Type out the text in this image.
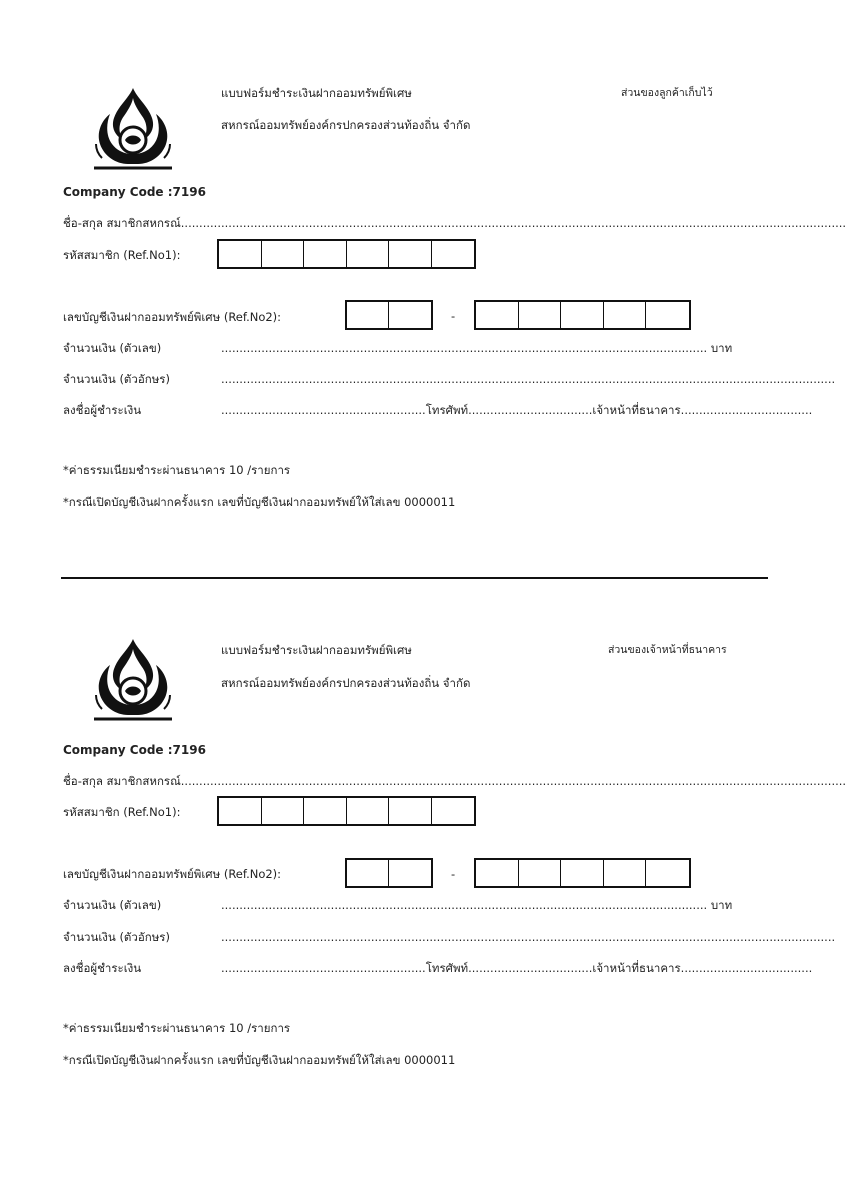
แบบฟอร์มชำระเงินฝากออมทรัพย์พิเศษ	ส่วนของลูกค้าเก็บไว้
สหกรณ์ออมทรัพย์องค์กรปกครองส่วนท้องถิ่น จำกัด
Company Code :7196
ชื่อ-สกุล สมาชิกสหกรณ์......................................................................................................................................................................................
รหัสสมาชิก (Ref.No1):
เลขบัญชีเงินฝากออมทรัพย์พิเศษ (Ref.No2):	-
จำนวนเงิน (ตัวเลข)	..................................................................................................................................... บาท
จำนวนเงิน (ตัวอักษร)	........................................................................................................................................................................
ลงชื่อผู้ชำระเงิน	........................................................โทรศัพท์..................................เจ้าหน้าที่ธนาคาร....................................
*ค่าธรรมเนียมชำระผ่านธนาคาร 10 /รายการ
*กรณีเปิดบัญชีเงินฝากครั้งแรก เลขที่บัญชีเงินฝากออมทรัพย์ให้ใส่เลข 0000011
แบบฟอร์มชำระเงินฝากออมทรัพย์พิเศษ	ส่วนของเจ้าหน้าที่ธนาคาร
สหกรณ์ออมทรัพย์องค์กรปกครองส่วนท้องถิ่น จำกัด
Company Code :7196
ชื่อ-สกุล สมาชิกสหกรณ์......................................................................................................................................................................................
รหัสสมาชิก (Ref.No1):
เลขบัญชีเงินฝากออมทรัพย์พิเศษ (Ref.No2):	-
จำนวนเงิน (ตัวเลข)	..................................................................................................................................... บาท
จำนวนเงิน (ตัวอักษร)	........................................................................................................................................................................
ลงชื่อผู้ชำระเงิน	........................................................โทรศัพท์..................................เจ้าหน้าที่ธนาคาร....................................
*ค่าธรรมเนียมชำระผ่านธนาคาร 10 /รายการ
*กรณีเปิดบัญชีเงินฝากครั้งแรก เลขที่บัญชีเงินฝากออมทรัพย์ให้ใส่เลข 0000011
